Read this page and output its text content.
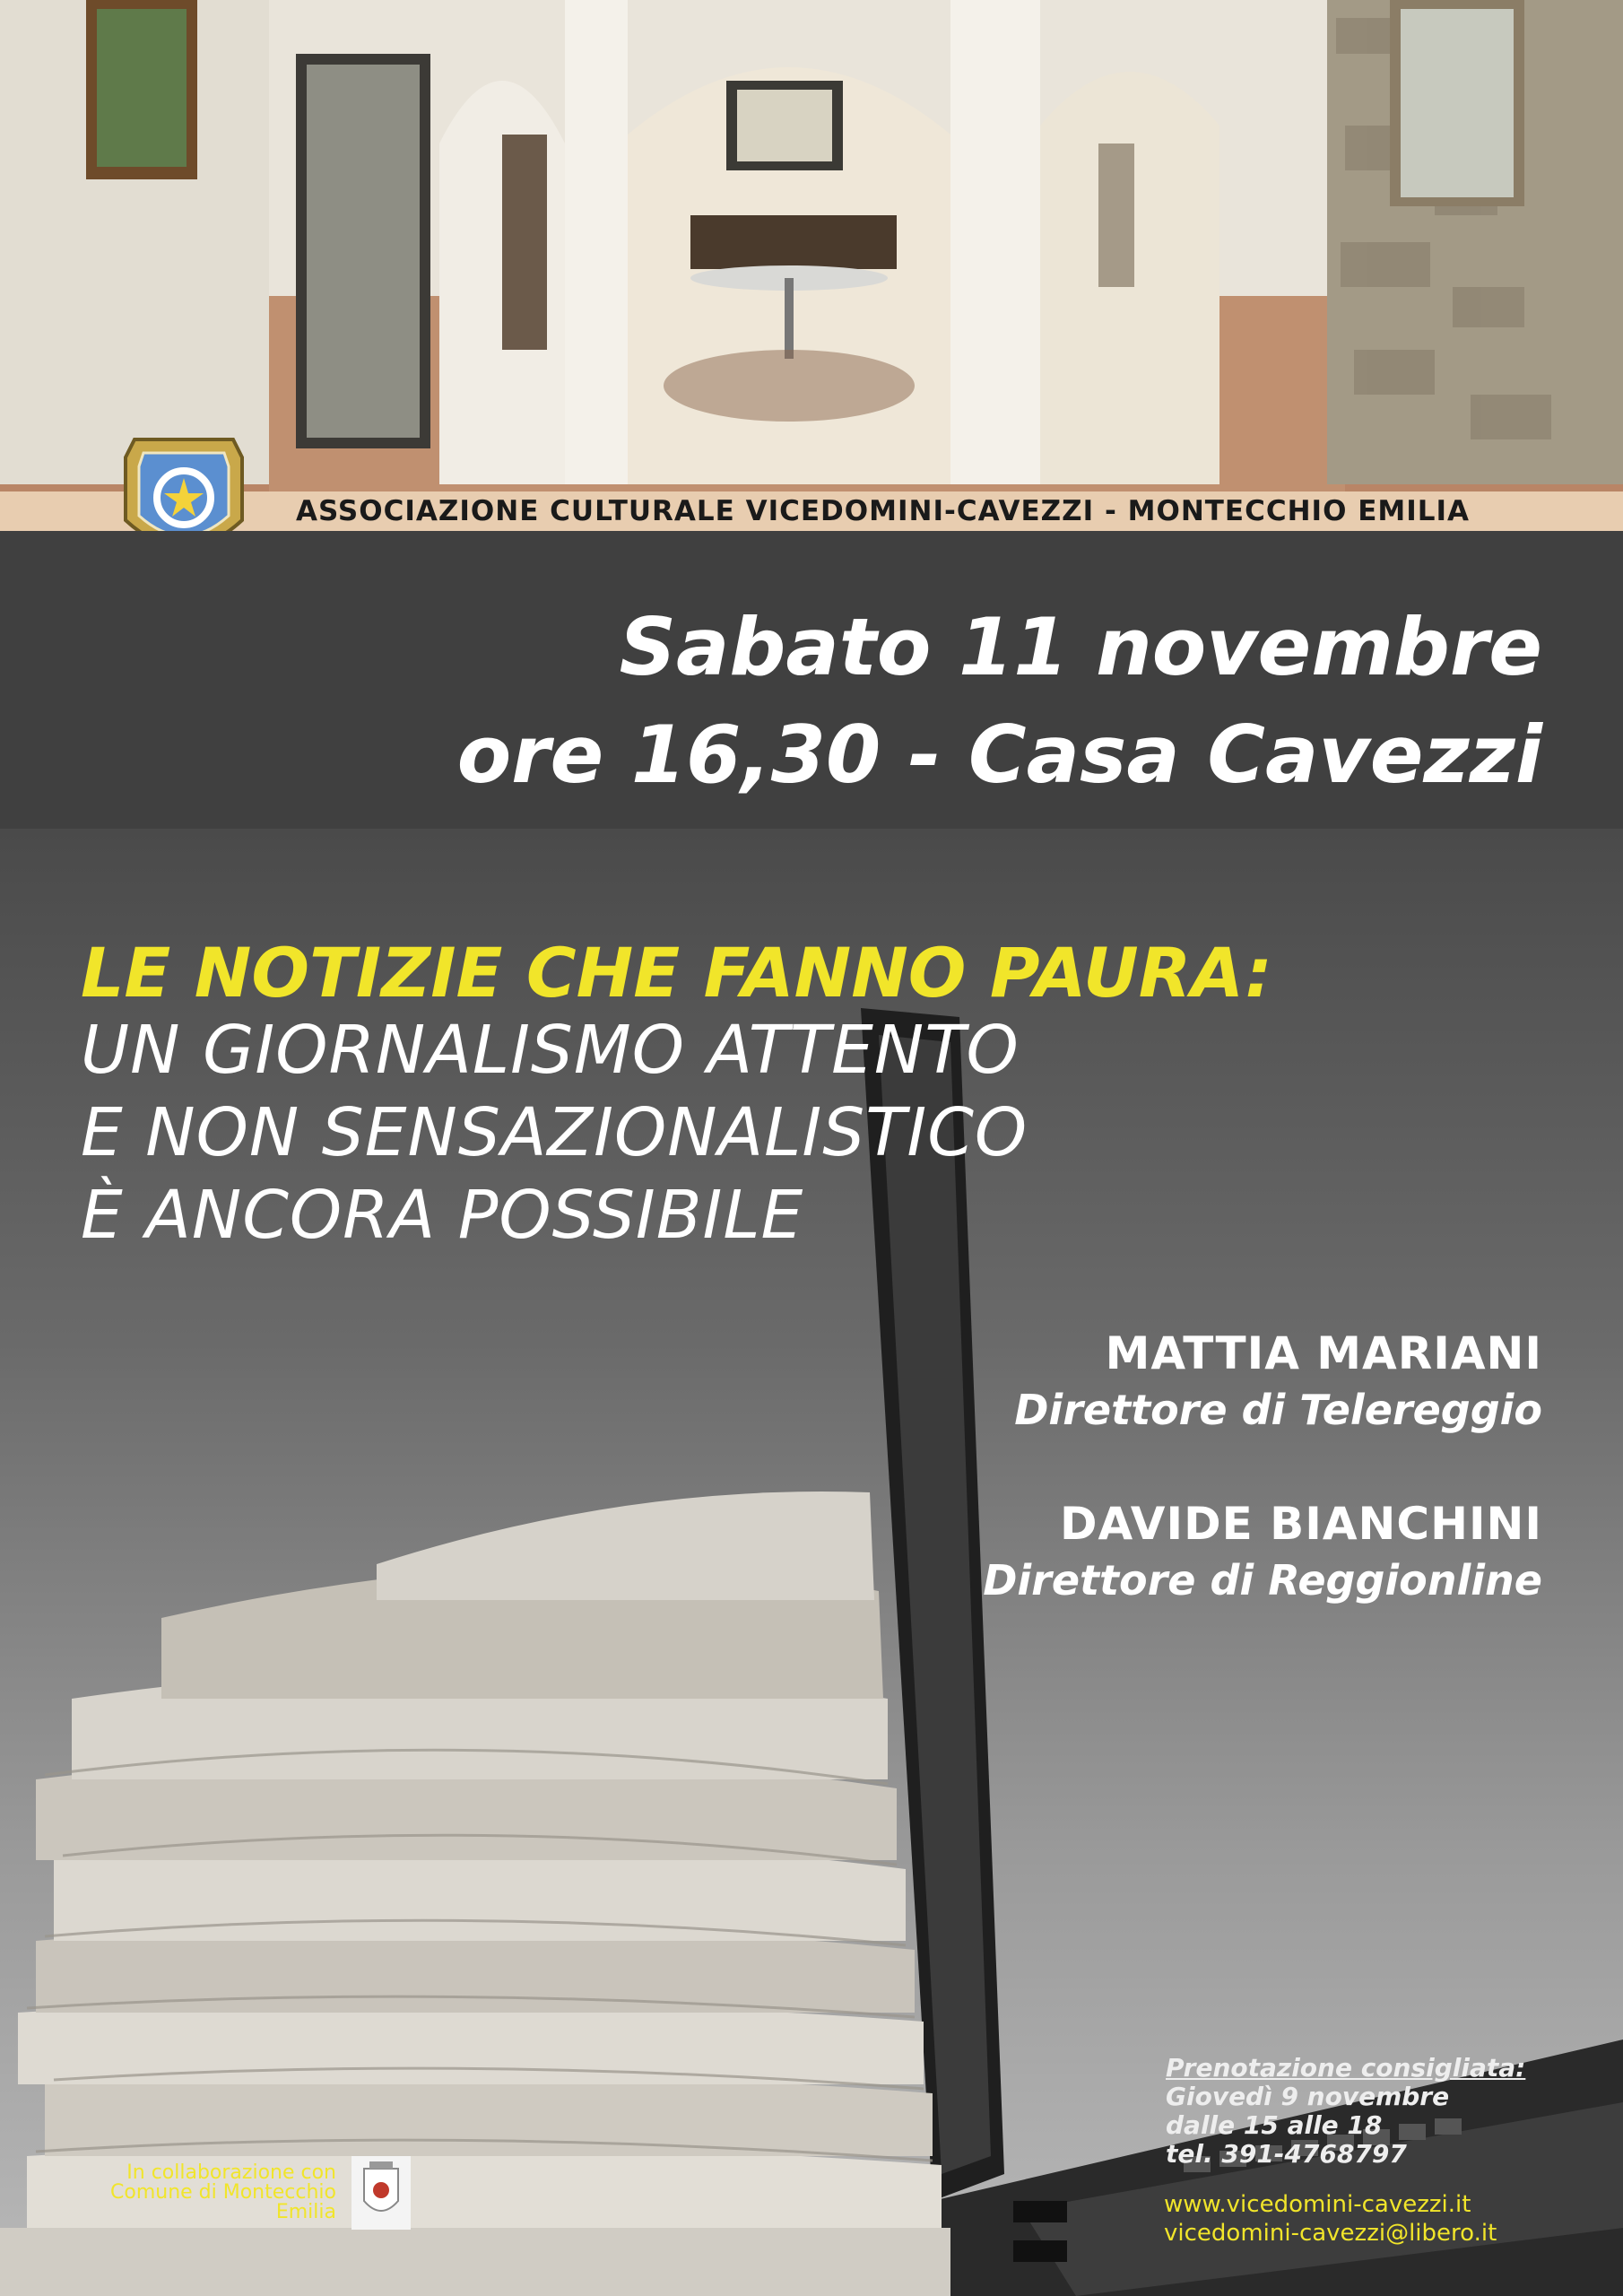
ASSOCIAZIONE CULTURALE VICEDOMINI-CAVEZZI - MONTECCHIO EMILIA
Sabato 11 novembre
ore 16,30 - Casa Cavezzi
LE NOTIZIE CHE FANNO PAURA:
UN GIORNALISMO ATTENTO
E NON SENSAZIONALISTICO
È ANCORA POSSIBILE
MATTIA MARIANI
Direttore di Telereggio
DAVIDE BIANCHINI
Direttore di Reggionline
Prenotazione consigliata:
Giovedì 9 novembre
dalle 15 alle 18
tel. 391-4768797
www.vicedomini-cavezzi.it
vicedomini-cavezzi@libero.it
In collaborazione con
Comune di Montecchio
Emilia
